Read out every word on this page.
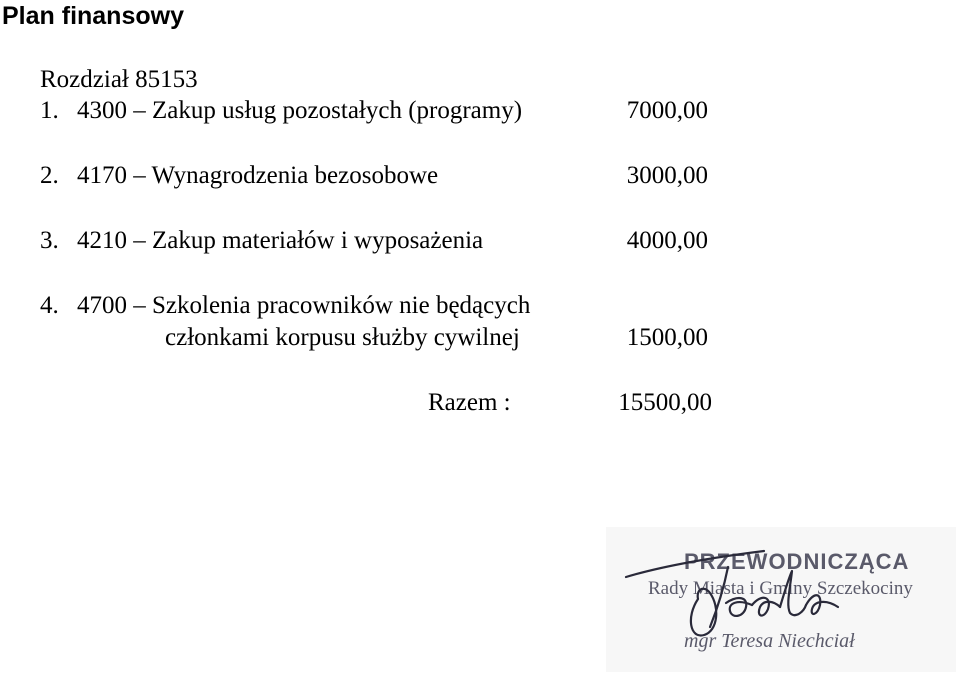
Plan finansowy
Rozdział 85153
1. 4300 – Zakup usług pozostałych (programy)	7000,00
2. 4170 – Wynagrodzenia bezosobowe	3000,00
3. 4210 – Zakup materiałów i wyposażenia	4000,00
4. 4700 – Szkolenia pracowników nie będących
członkami korpusu służby cywilnej	1500,00
Razem :	15500,00
PRZEWODNICZĄCA
Rady Miasta i Gminy Szczekociny
mgr Teresa Niechciał
